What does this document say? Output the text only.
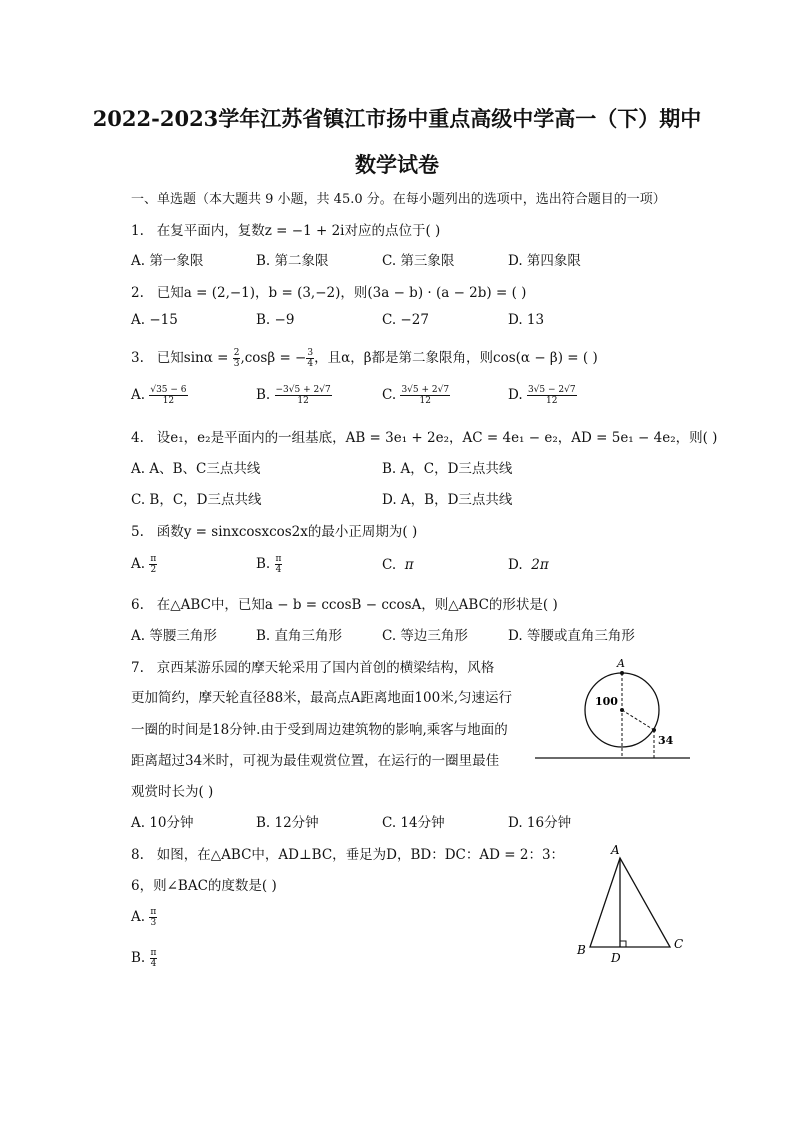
2022-2023学年江苏省镇江市扬中重点高级中学高一（下）期中
数学试卷
一、单选题（本大题共 9 小题，共 45.0 分。在每小题列出的选项中，选出符合题目的一项）
1. 在复平面内，复数z = −1 + 2i对应的点位于( )
A. 第一象限	B. 第二象限	C. 第三象限	D. 第四象限
2. 已知a = (2,−1)，b = (3,−2)，则(3a − b) · (a − 2b) = ( )
A. −15	B. −9	C. −27	D. 13
3. 已知$\sin\alpha = \frac{2}{3} ,\cos\beta$ = − $\frac{3}{4}$ ，且α，β都是第二象限角，则cos(α − β) = ( )
A. $\frac{√35 - 6}{12}$	B. $\frac{-3√5 + 2√7}{12}$	C. $\frac{3√5 + 2√7}{12}$	D. $\frac{3√5 - 2√7}{12}$
4. 设e₁，e₂是平面内的一组基底，AB = 3e₁ + 2e₂，AC = 4e₁ − e₂，AD = 5e₁ − 4e₂，则( )
A. A、B、C三点共线	B. A，C，D三点共线
C. B，C，D三点共线	D. A，B，D三点共线
5. 函数y = sinxcosxcos2x的最小正周期为( )
A. $\frac{\pi}{2}$	B. $\frac{\pi}{4}$	C. π	D. 2π
6. 在△ABC中，已知a − b = ccosB − ccosA，则△ABC的形状是( )
A. 等腰三角形	B. 直角三角形	C. 等边三角形	D. 等腰或直角三角形
7. 京西某游乐园的摩天轮采用了国内首创的横梁结构，风格
更加简约，摩天轮直径88米，最高点A距离地面100米,匀速运行
一圈的时间是18分钟.由于受到周边建筑物的影响,乘客与地面的
距离超过34米时，可视为最佳观赏位置，在运行的一圈里最佳
观赏时长为( )
A
100
34
A. 10分钟	B. 12分钟	C. 14分钟	D. 16分钟
8. 如图，在△ABC中，AD⊥BC，垂足为D，BD：DC：AD = 2：3：
6，则∠BAC的度数是( )
A. $\frac{\pi}{3}$
B. $\frac{\pi}{4}$
A
B	C
D
